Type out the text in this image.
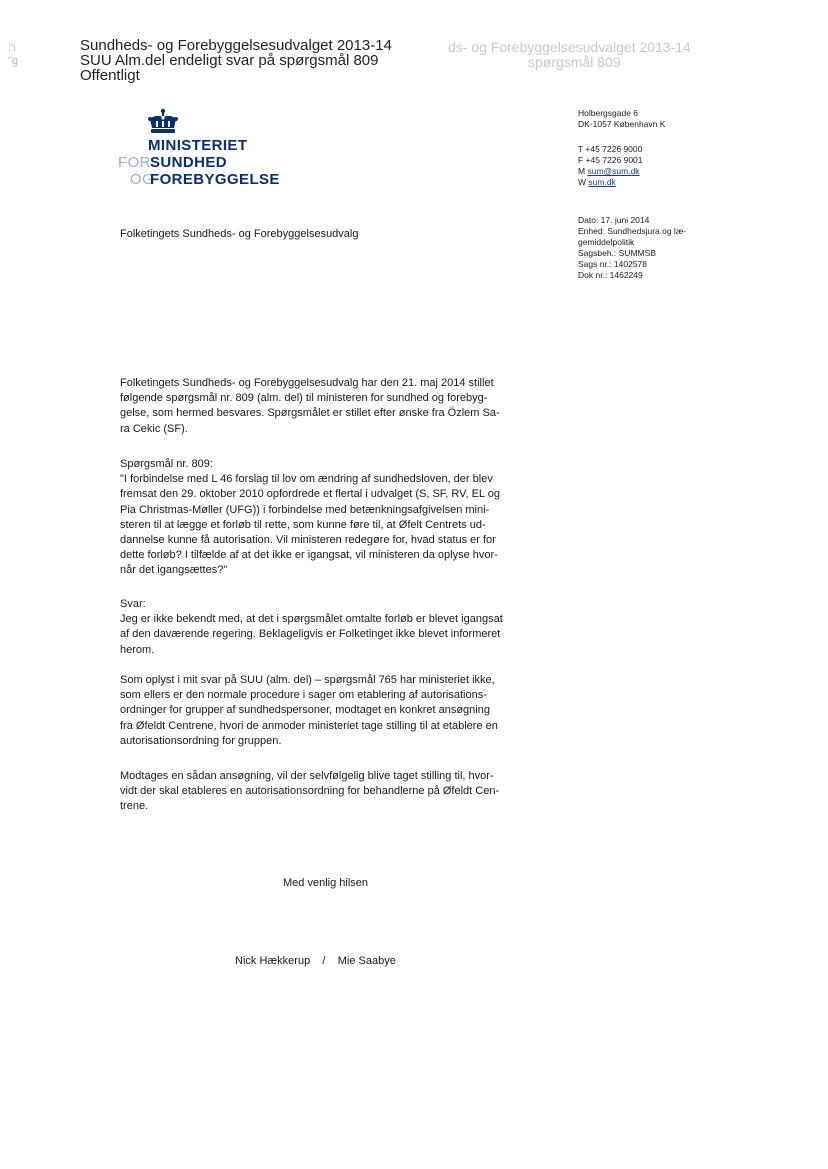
:'i
"g
Sundheds- og Forebyggelsesudvalget 2013-14
SUU Alm.del endeligt svar på spørgsmål 809
Offentligt
ds- og Forebyggelsesudvalget 2013-14
spørgsmål 809
MINISTERIET
FORSUNDHED
OGFOREBYGGELSE
Holbergsgade 6
DK-1057 København K
T +45 7226 9000
F +45 7226 9001
M sum@sum.dk
W sum.dk
Dato: 17. juni 2014
Enhed: Sundhedsjura og læ-
gemiddelpolitik
Sagsbeh.: SUMMSB
Sags nr.: 1402578
Dok nr.: 1462249
Folketingets Sundheds- og Forebyggelsesudvalg

Folketingets Sundheds- og Forebyggelsesudvalg har den 21. maj 2014 stillet

følgende spørgsmål nr. 809 (alm. del) til ministeren for sundhed og forebyg-

gelse, som hermed besvares. Spørgsmålet er stillet efter ønske fra Özlem Sa-

ra Cekic (SF).

Spørgsmål nr. 809:

"I forbindelse med L 46 forslag til lov om ændring af sundhedsloven, der blev

fremsat den 29. oktober 2010 opfordrede et flertal i udvalget (S, SF, RV, EL og

Pia Christmas-Møller (UFG)) i forbindelse med betænkningsafgivelsen mini-

steren til at lægge et forløb til rette, som kunne føre til, at Øfelt Centrets ud-

dannelse kunne få autorisation. Vil ministeren redegøre for, hvad status er for

dette forløb? I tilfælde af at det ikke er igangsat, vil ministeren da oplyse hvor-

når det igangsættes?"

Svar:

Jeg er ikke bekendt med, at det i spørgsmålet omtalte forløb er blevet igangsat

af den daværende regering. Beklageligvis er Folketinget ikke blevet informeret

herom.

Som oplyst i mit svar på SUU (alm. del) – spørgsmål 765 har ministeriet ikke,

som ellers er den normale procedure i sager om etablering af autorisations-

ordninger for grupper af sundhedspersoner, modtaget en konkret ansøgning

fra Øfeldt Centrene, hvori de anmoder ministeriet tage stilling til at etablere en

autorisationsordning for gruppen.

Modtages en sådan ansøgning, vil der selvfølgelig blive taget stilling til, hvor-

vidt der skal etableres en autorisationsordning for behandlerne på Øfeldt Cen-

trene.

Med venlig hilsen
Nick Hækkerup / Mie Saabye
